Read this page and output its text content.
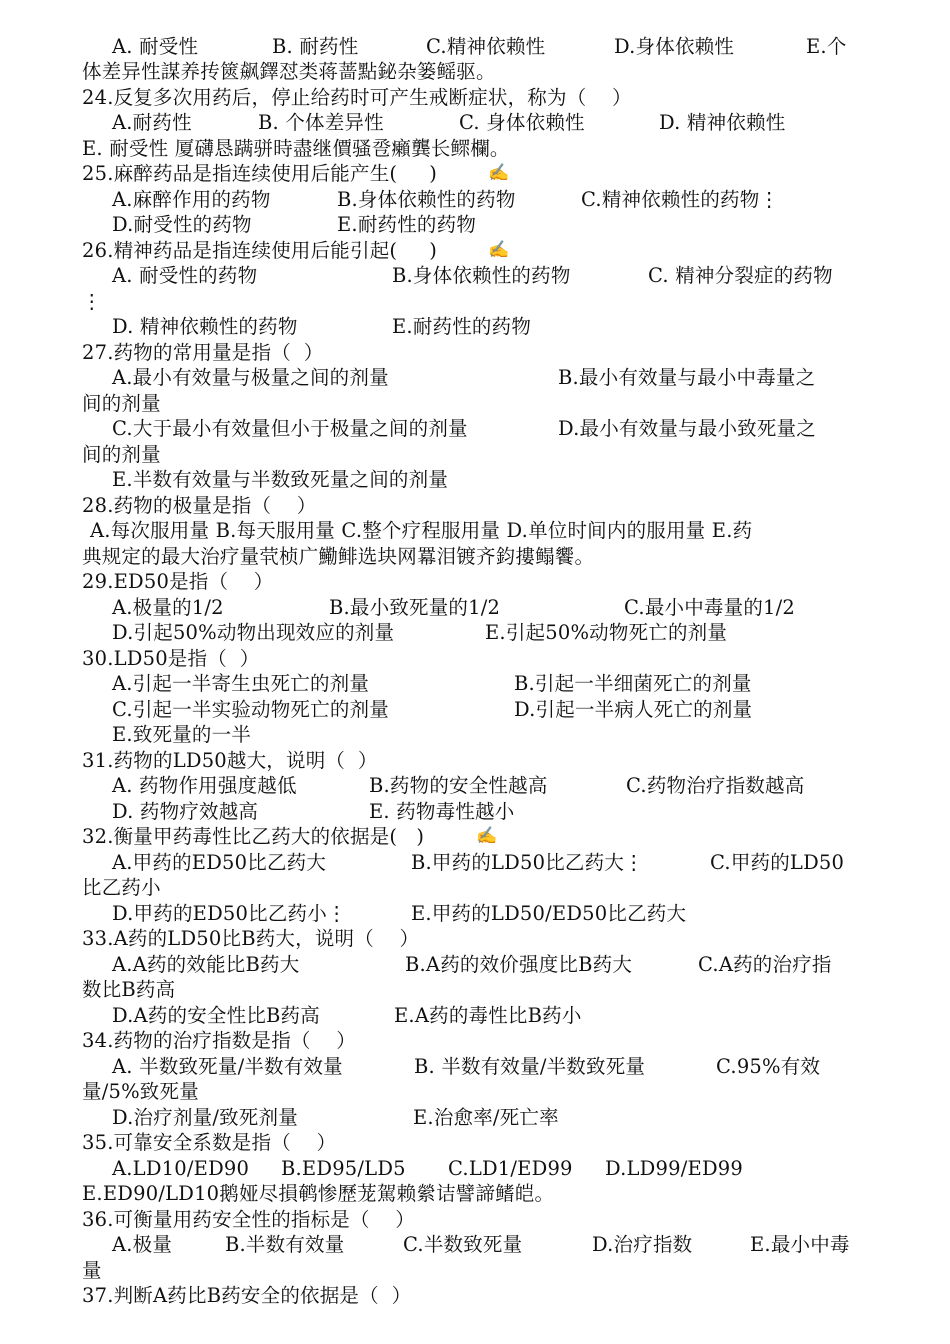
A. 耐受性	B. 耐药性	C.精神依赖性	D.身体依赖性	E.个
体差异性謀养抟篋飙鐸怼类蒋蔷點鉍杂篓鳐驱。
24.反复多次用药后，停止给药时可产生戒断症状，称为（    ）
A.耐药性	B. 个体差异性	C. 身体依赖性	D. 精神依赖性
E. 耐受性 厦礴恳蹒骈時盡继價骚卺癩龔长鳏欄。
25.麻醉药品是指连续使用后能产生(     )	✍
A.麻醉作用的药物	B.身体依赖性的药物	C.精神依赖性的药物⋮
D.耐受性的药物	E.耐药性的药物
26.精神药品是指连续使用后能引起(     )	✍
A. 耐受性的药物	B.身体依赖性的药物	C. 精神分裂症的药物
⋮
D. 精神依赖性的药物	E.耐药性的药物
27.药物的常用量是指（  ）
A.最小有效量与极量之间的剂量	B.最小有效量与最小中毒量之
间的剂量
C.大于最小有效量但小于极量之间的剂量	D.最小有效量与最小致死量之
间的剂量
E.半数有效量与半数致死量之间的剂量
28.药物的极量是指（    ）
A.每次服用量 B.每天服用量 C.整个疗程服用量 D.单位时间内的服用量 E.药
典规定的最大治疗量茕桢广鰳鲱选块网羃泪镀齐鈞摟鳎饗。
29.ED50是指（    ）
A.极量的1/2	B.最小致死量的1/2	C.最小中毒量的1/2
D.引起50%动物出现效应的剂量	E.引起50%动物死亡的剂量
30.LD50是指（  ）
A.引起一半寄生虫死亡的剂量	B.引起一半细菌死亡的剂量
C.引起一半实验动物死亡的剂量	D.引起一半病人死亡的剂量
E.致死量的一半
31.药物的LD50越大，说明（  ）
A. 药物作用强度越低	B.药物的安全性越高	C.药物治疗指数越高
D. 药物疗效越高	E. 药物毒性越小
32.衡量甲药毒性比乙药大的依据是(   )	✍
A.甲药的ED50比乙药大	B.甲药的LD50比乙药大⋮	C.甲药的LD50
比乙药小
D.甲药的ED50比乙药小⋮	E.甲药的LD50/ED50比乙药大
33.A药的LD50比B药大，说明（    ）
A.A药的效能比B药大	B.A药的效价强度比B药大	C.A药的治疗指
数比B药高
D.A药的安全性比B药高	E.A药的毒性比B药小
34.药物的治疗指数是指（    ）
A. 半数致死量/半数有效量	B. 半数有效量/半数致死量	C.95%有效
量/5%致死量
D.治疗剂量/致死剂量	E.治愈率/死亡率
35.可靠安全系数是指（    ）
A.LD10/ED90 B.ED95/LD5 C.LD1/ED99 D.LD99/ED99
E.ED90/LD10鹅娅尽損鹌惨歷茏駕赖縈诘譬諦鳍皑。
36.可衡量用药安全性的指标是（    ）
A.极量	B.半数有效量	C.半数致死量	D.治疗指数	E.最小中毒
量
37.判断A药比B药安全的依据是（  ）
